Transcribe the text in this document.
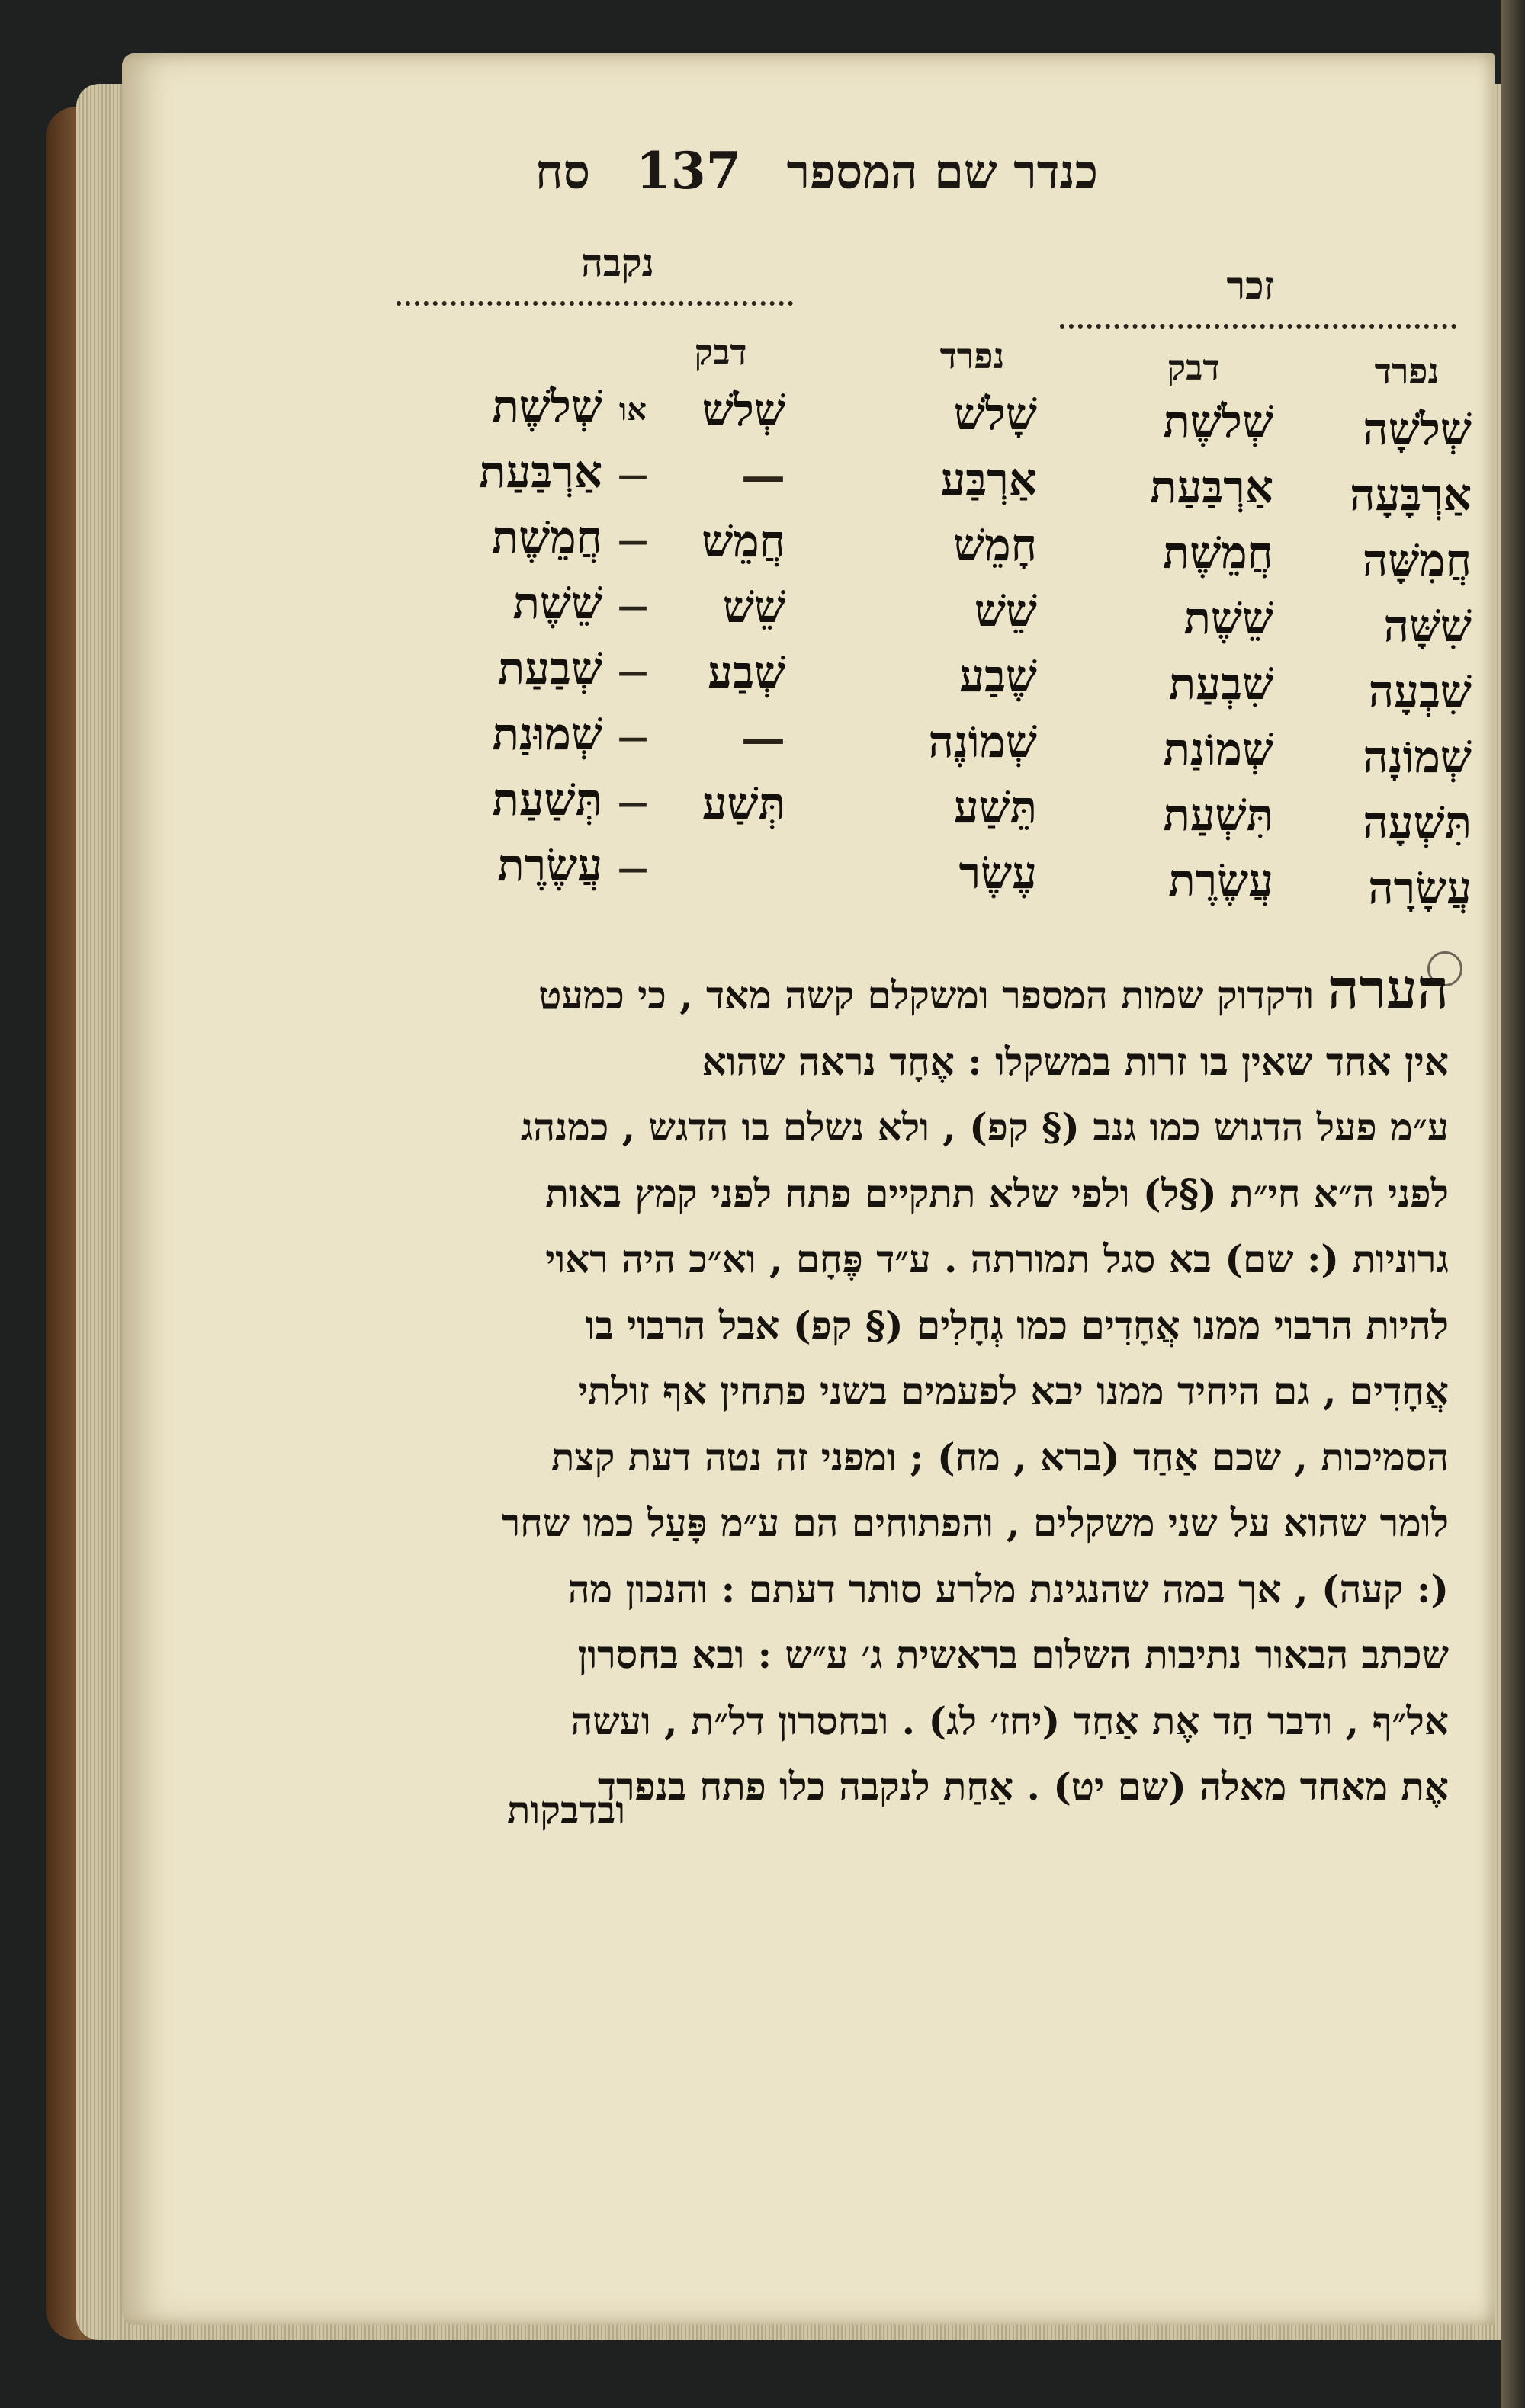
כנדר שם המספר
137
סח
זכר
נקבה
נפרד
דבק
נפרד
דבק
שְׁלֹשָׁה
אַרְבָּעָה
חֲמִשָּׁה
שִׁשָּׁה
שִׁבְעָה
שְׁמוֹנָה
תִּשְׁעָה
עֲשָׂרָה
שְׁלֹשֶׁת
אַרְבַּעַת
חֲמֵשֶׁת
שֵׁשֶׁת
שִׁבְעַת
שְׁמוֹנַת
תִּשְׁעַת
עֲשֶׂרֶת
שָׁלֹשׁ
אַרְבַּע
חָמֵשׁ
שֵׁשׁ
שֶׁבַע
שְׁמוֹנֶה
תֵּשַׁע
עֶשֶׂר
שְׁלשׁ
—
חֲמֵשׁ
שֵׁשׁ
שְׁבַע
—
תְּשַׁע
או
—
—
—
—
—
—
—
שְׁלשֶׁת
אַרְבַּעַת
חֲמֵשֶׁת
שֵׁשֶׁת
שְׁבַעַת
שְׁמוּנַת
תְּשַׁעַת
עֲשֶׂרֶת
הערהודקדוק שמות המספר ומשקלם קשה מאד , כי כמעט
אין אחד שאין בו זרות במשקלו : אֶחָד נראה שהוא
ע״מ פעל הדגוש כמו גנב (§ קפ) , ולא נשלם בו הדגש , כמנהג
לפני ה״א חי״ת (§ל) ולפי שלא תתקיים פתח לפני קמץ באות
גרוניות (: שם) בא סגל תמורתה . ע״ד פֶּחָם , וא״כ היה ראוי
להיות הרבוי ממנו אֲחָדִים כמו גְחָלִים (§ קפ) אבל הרבוי בו
אֲחָדִים , גם היחיד ממנו יבא לפעמים בשני פתחין אף זולתי
הסמיכות , שכם אַחַד (ברא , מח) ; ומפני זה נטה דעת קצת
לומר שהוא על שני משקלים , והפתוחים הם ע״מ פָּעַל כמו שחר
(: קעה) , אך במה שהנגינת מלרע סותר דעתם : והנכון מה
שכתב הבאור נתיבות השלום בראשית ג׳ ע״ש : ובא בחסרון
אל״ף , ודבר חַד אֶת אַחַד (יחז׳ לג) . ובחסרון דל״ת , ועשה
אֶת מאחד מאלה (שם יט) . אַחַת לנקבה כלו פתח בנפרד
ובדבקות
